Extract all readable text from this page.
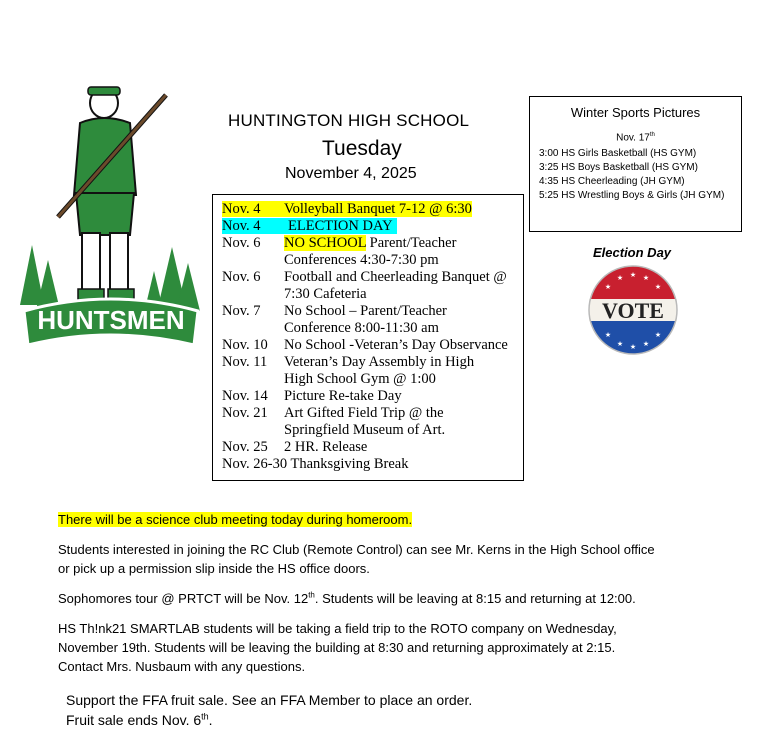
HUNTSMEN
HUNTINGTON HIGH SCHOOL
HUNTINGTON HIGH SCHOOL
Tuesday
November 4, 2025
Nov. 4 Volleyball Banquet 7-12 @ 6:30
Nov. 4 ELECTION DAY
Nov. 6 NO SCHOOL Parent/Teacher
Conferences 4:30-7:30 pm
Nov. 6 Football and Cheerleading Banquet @
7:30 Cafeteria
Nov. 7 No School – Parent/Teacher
Conference 8:00-11:30 am
Nov. 10 No School -Veteran’s Day Observance
Nov. 11 Veteran’s Day Assembly in High
High School Gym @ 1:00
Nov. 14 Picture Re-take Day
Nov. 21 Art Gifted Field Trip @ the
Springfield Museum of Art.
Nov. 25 2 HR. Release
Nov. 26-30 Thanksgiving Break
Winter Sports Pictures
Nov. 17th
3:00 HS Girls Basketball (HS GYM)
3:25 HS Boys Basketball (HS GYM)
4:35 HS Cheerleading (JH GYM)
5:25 HS Wrestling Boys & Girls (JH GYM)
Election Day
★
★ ★ ★
★
★
★ ★ ★
★
VOTE
There will be a science club meeting today during homeroom.
Students interested in joining the RC Club (Remote Control) can see Mr. Kerns in the High School office
or pick up a permission slip inside the HS office doors.
Sophomores tour @ PRTCT will be Nov. 12th. Students will be leaving at 8:15 and returning at 12:00.
HS Th!nk21 SMARTLAB students will be taking a field trip to the ROTO company on Wednesday,
November 19th. Students will be leaving the building at 8:30 and returning approximately at 2:15.
Contact Mrs. Nusbaum with any questions.
Support the FFA fruit sale. See an FFA Member to place an order.
Fruit sale ends Nov. 6th.
